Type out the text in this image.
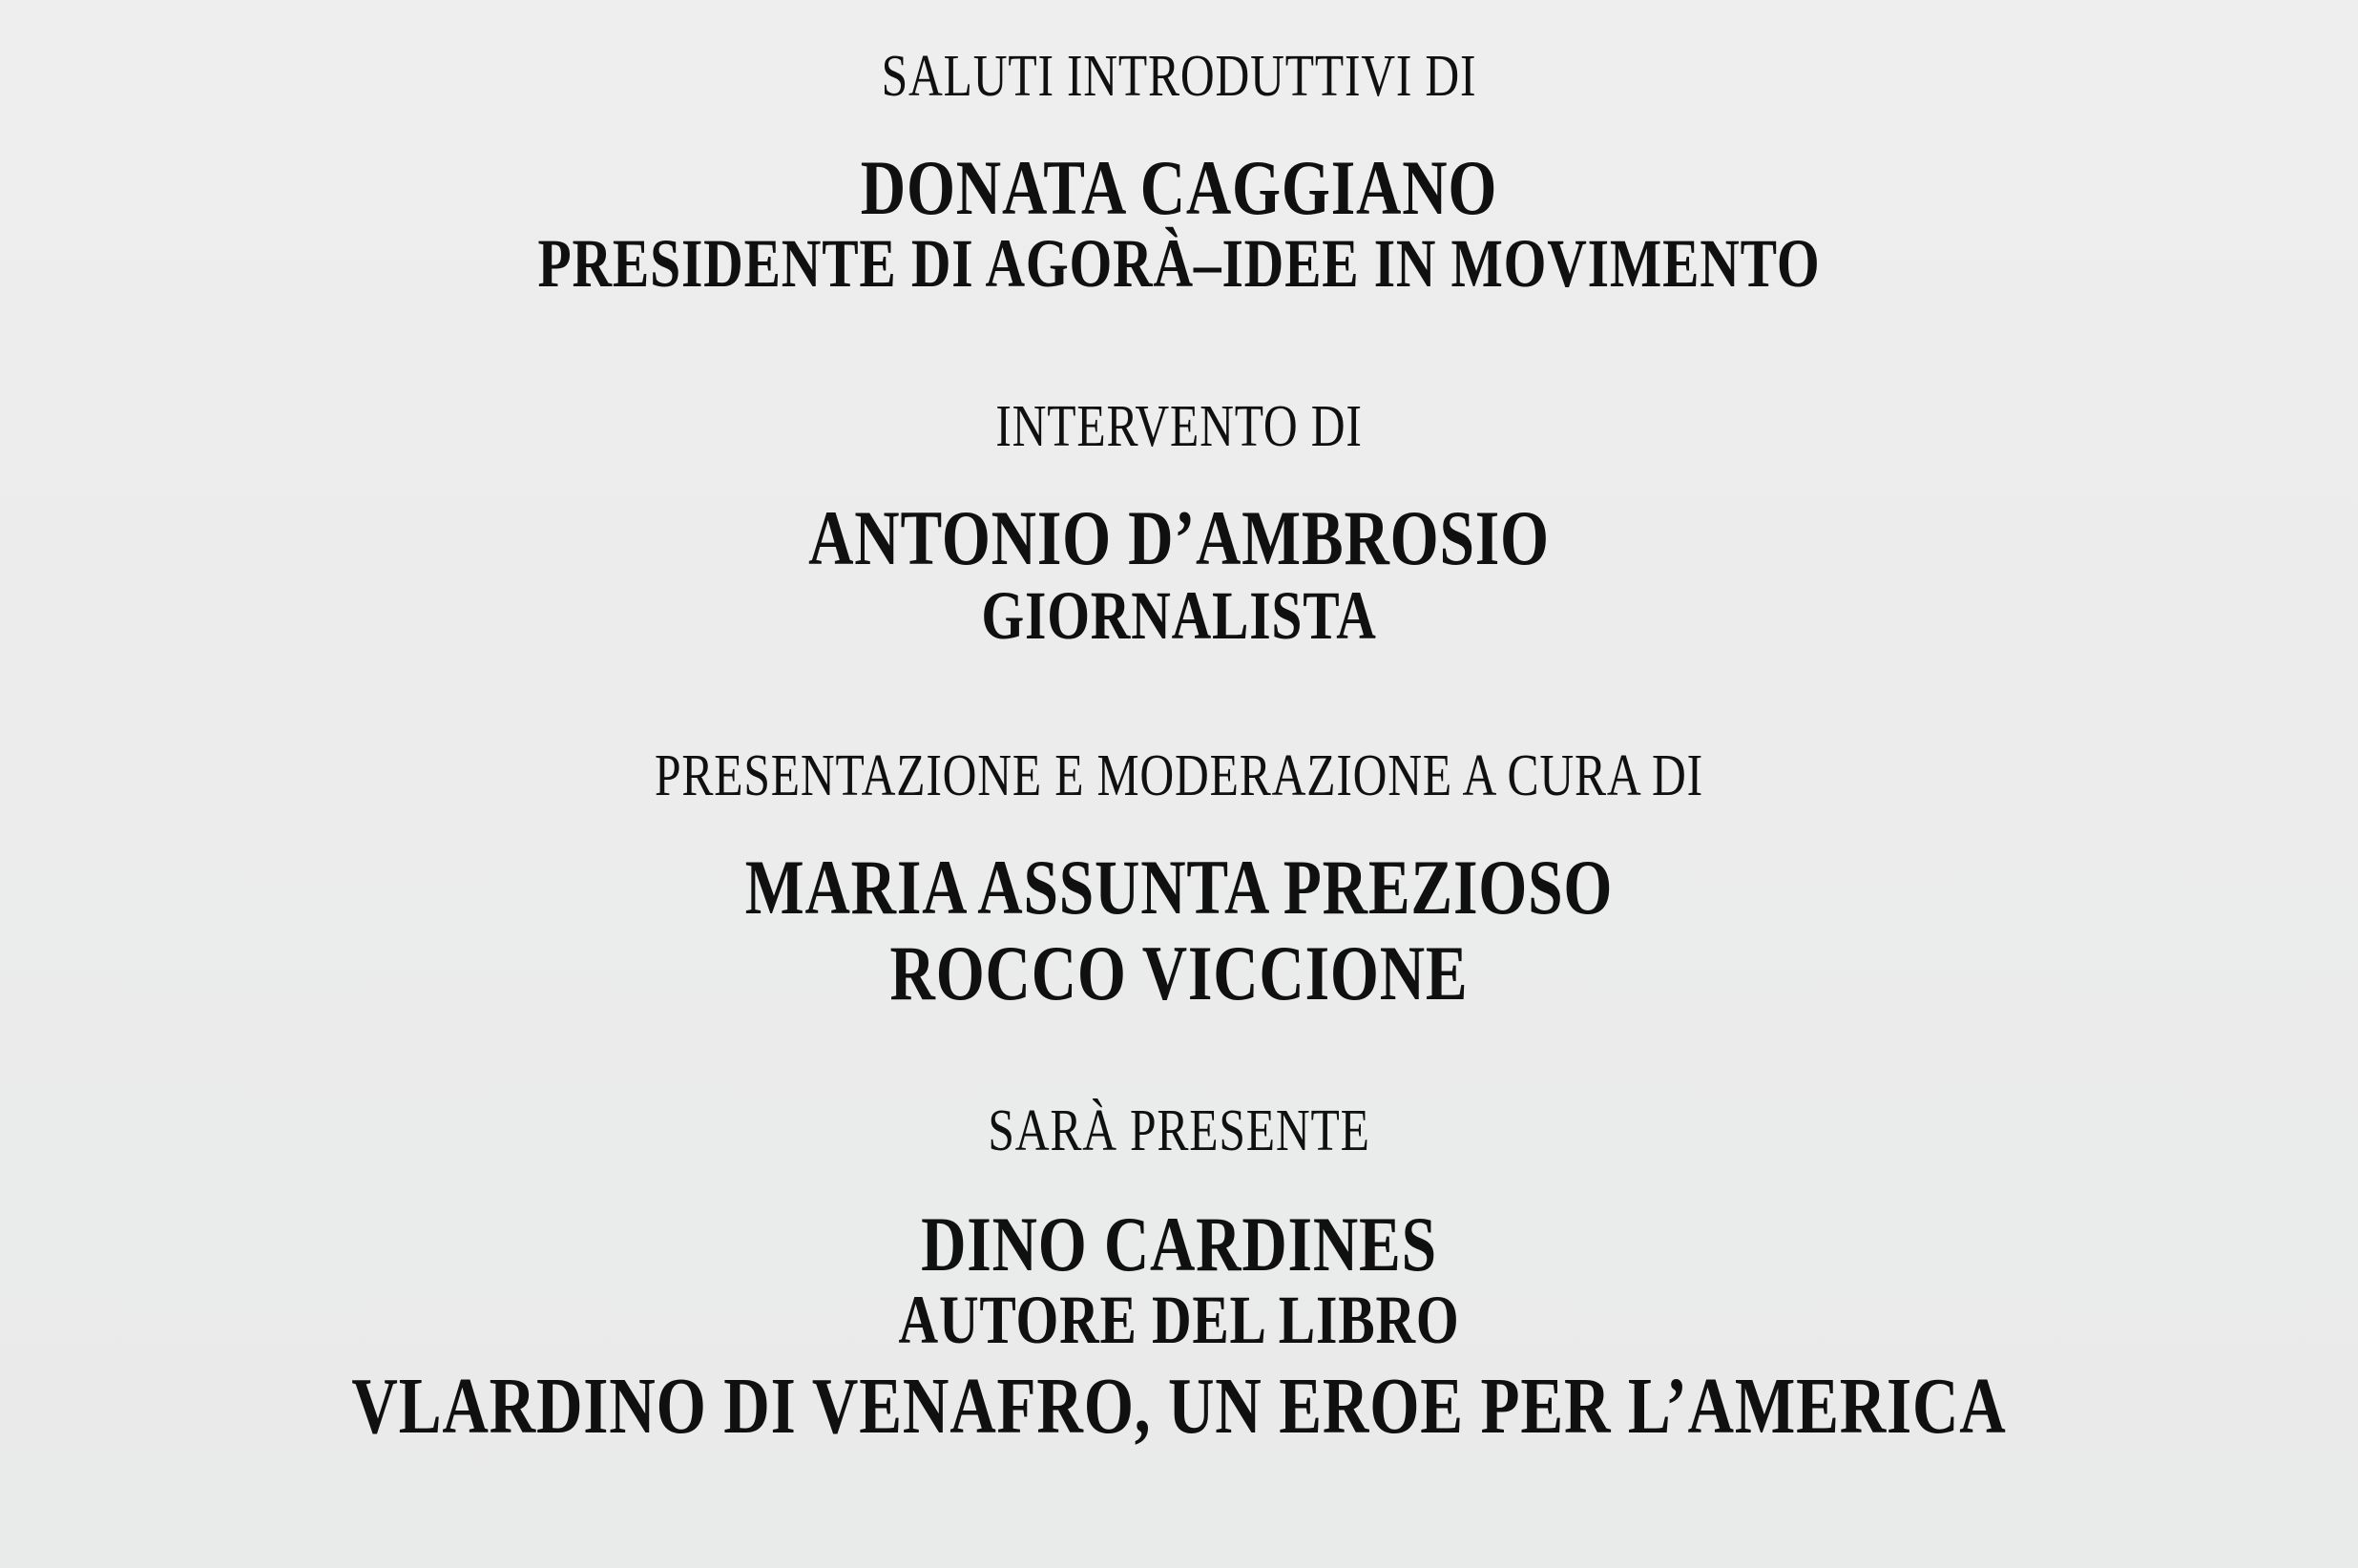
SALUTI INTRODUTTIVI DI
DONATA CAGGIANO
PRESIDENTE DI AGORÀ–IDEE IN MOVIMENTO
INTERVENTO DI
ANTONIO D’AMBROSIO
GIORNALISTA
PRESENTAZIONE E MODERAZIONE A CURA DI
MARIA ASSUNTA PREZIOSO
ROCCO VICCIONE
SARÀ PRESENTE
DINO CARDINES
AUTORE DEL LIBRO
VLARDINO DI VENAFRO, UN EROE PER L’AMERICA
